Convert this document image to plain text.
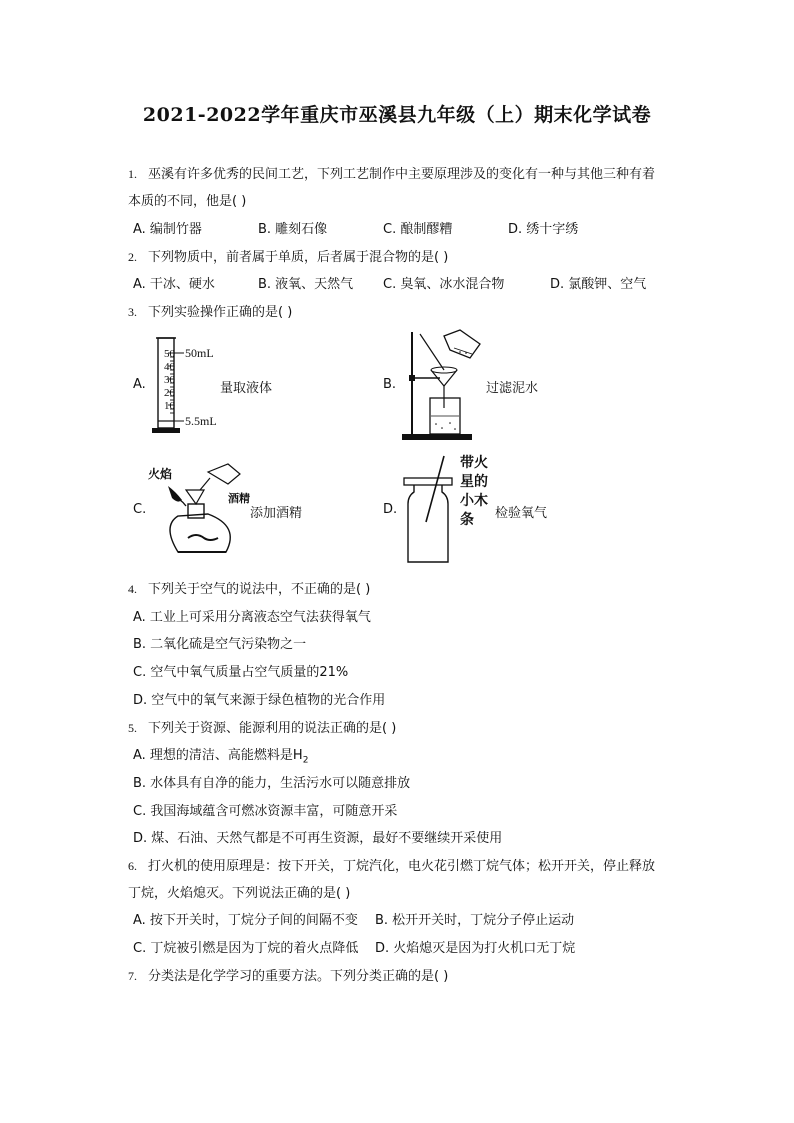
2021-2022学年重庆市巫溪县九年级（上）期末化学试卷
1. 巫溪有许多优秀的民间工艺，下列工艺制作中主要原理涉及的变化有一种与其他三种有着
本质的不同，他是( )
A. 编制竹器	B. 雕刻石像	C. 酿制醪糟	D. 绣十字绣
2. 下列物质中，前者属于单质，后者属于混合物的是( )
A. 干冰、硬水	B. 液氧、天然气 C. 臭氧、冰水混合物	D. 氯酸钾、空气
3. 下列实验操作正确的是( )
A.
50
40
30
20
10
50mL
5.5mL
量取液体	B.	过滤泥水
C.
火焰
酒精
添加酒精	D.
带火
星的
小木
条	检验氧气
4. 下列关于空气的说法中，不正确的是( )
A. 工业上可采用分离液态空气法获得氧气
B. 二氧化硫是空气污染物之一
C. 空气中氧气质量占空气质量的21%
D. 空气中的氧气来源于绿色植物的光合作用
5. 下列关于资源、能源利用的说法正确的是( )
A. 理想的清洁、高能燃料是$H_2$
B. 水体具有自净的能力，生活污水可以随意排放
C. 我国海域蕴含可燃冰资源丰富，可随意开采
D. 煤、石油、天然气都是不可再生资源，最好不要继续开采使用
6. 打火机的使用原理是：按下开关，丁烷汽化，电火花引燃丁烷气体；松开开关，停止释放
丁烷，火焰熄灭。下列说法正确的是( )
A. 按下开关时，丁烷分子间的间隔不变 B. 松开开关时，丁烷分子停止运动
C. 丁烷被引燃是因为丁烷的着火点降低 D. 火焰熄灭是因为打火机口无丁烷
7. 分类法是化学学习的重要方法。下列分类正确的是( )
